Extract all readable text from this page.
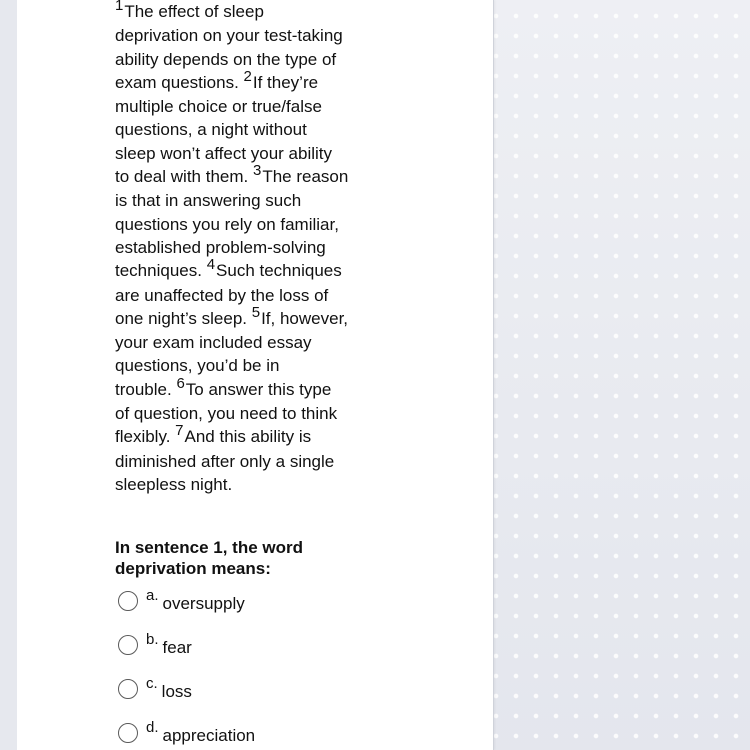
1The effect of sleep
deprivation on your test-taking
ability depends on the type of
exam questions. 2If they’re
multiple choice or true/false
questions, a night without
sleep won’t affect your ability
to deal with them. 3The reason
is that in answering such
questions you rely on familiar,
established problem-solving
techniques. 4Such techniques
are unaffected by the loss of
one night’s sleep. 5If, however,
your exam included essay
questions, you’d be in
trouble. 6To answer this type
of question, you need to think
flexibly. 7And this ability is
diminished after only a single
sleepless night.

In sentence 1, the word deprivation means:

a. oversupply
b. fear
c. loss
d. appreciation
